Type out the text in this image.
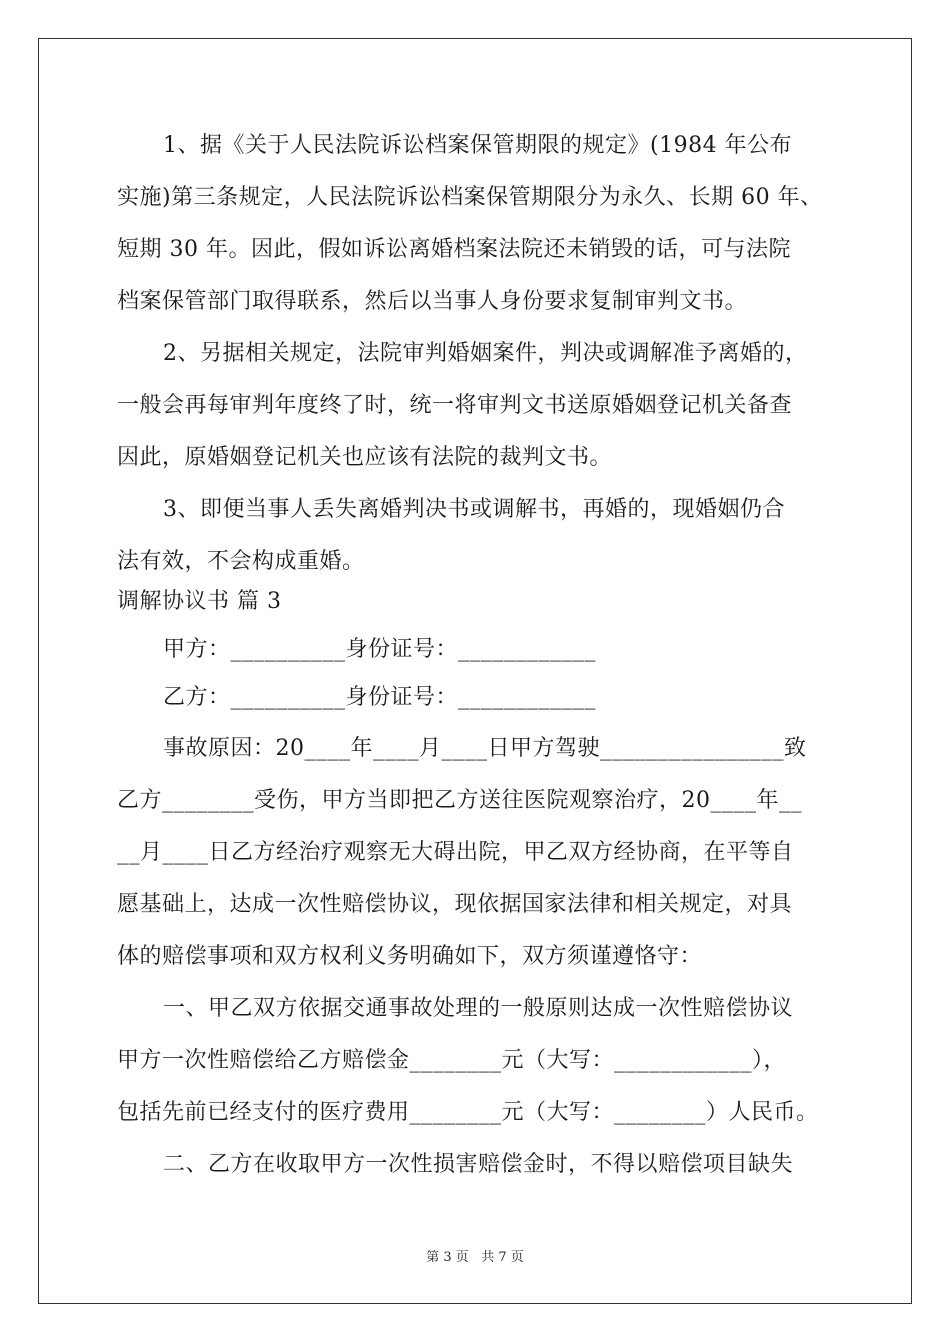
1、据《关于人民法院诉讼档案保管期限的规定》(1984 年公布
实施)第三条规定，人民法院诉讼档案保管期限分为永久、长期 60 年、
短期 30 年。因此，假如诉讼离婚档案法院还未销毁的话，可与法院
档案保管部门取得联系，然后以当事人身份要求复制审判文书。
2、另据相关规定，法院审判婚姻案件，判决或调解准予离婚的，
一般会再每审判年度终了时，统一将审判文书送原婚姻登记机关备查
因此，原婚姻登记机关也应该有法院的裁判文书。
3、即便当事人丢失离婚判决书或调解书，再婚的，现婚姻仍合
法有效，不会构成重婚。
调解协议书 篇 3
甲方：__________身份证号：____________
乙方：__________身份证号：____________
事故原因：20____年____月____日甲方驾驶________________致
乙方________受伤，甲方当即把乙方送往医院观察治疗，20____年__
__月____日乙方经治疗观察无大碍出院，甲乙双方经协商，在平等自
愿基础上，达成一次性赔偿协议，现依据国家法律和相关规定，对具
体的赔偿事项和双方权利义务明确如下，双方须谨遵恪守：
一、甲乙双方依据交通事故处理的一般原则达成一次性赔偿协议
甲方一次性赔偿给乙方赔偿金________元（大写：____________），
包括先前已经支付的医疗费用________元（大写：________）人民币。
二、乙方在收取甲方一次性损害赔偿金时，不得以赔偿项目缺失
第 3 页   共 7 页
